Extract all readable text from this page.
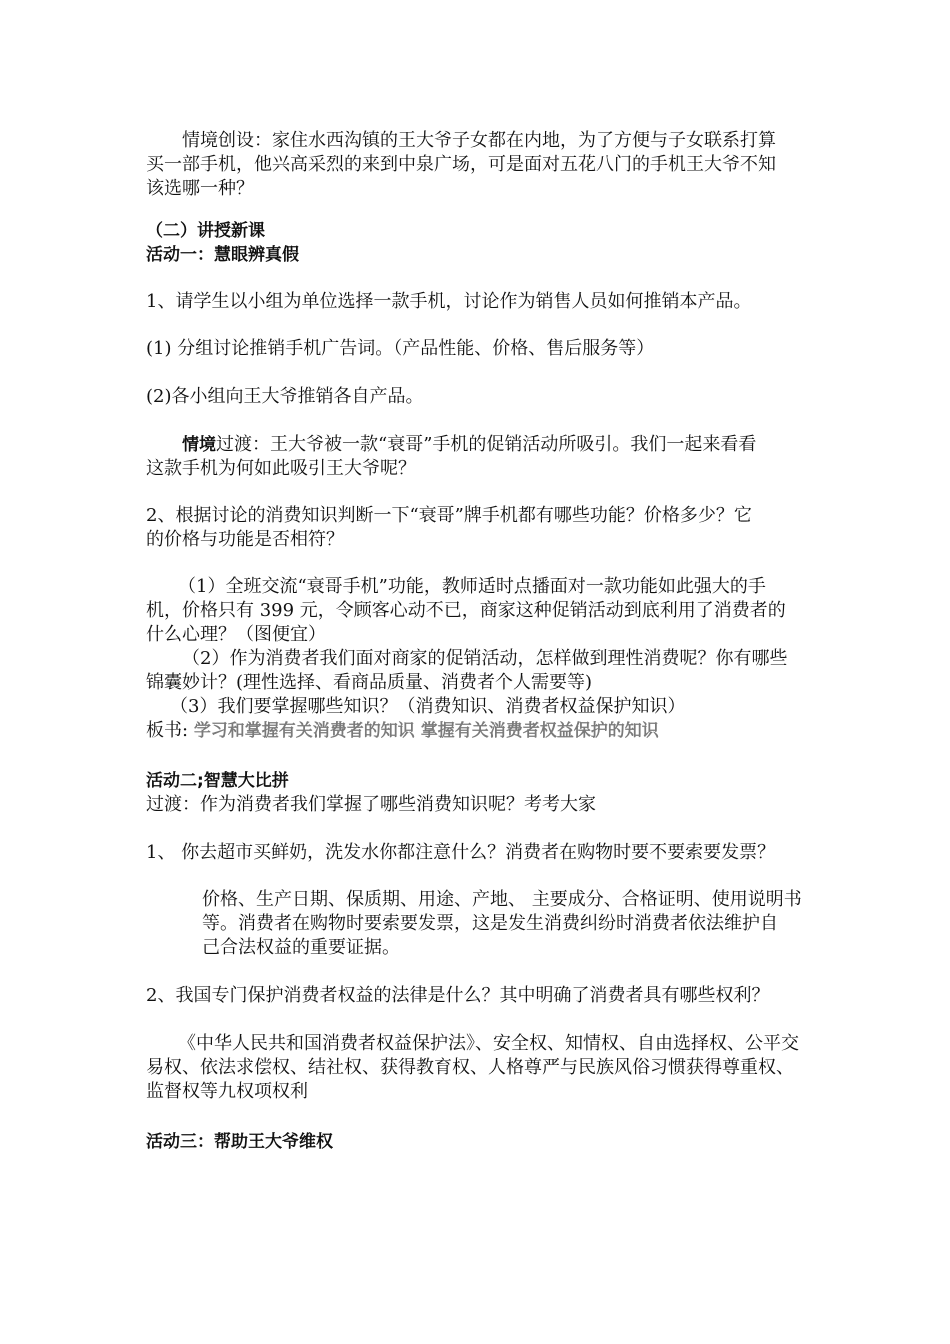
情境创设：家住水西沟镇的王大爷子女都在内地，为了方便与子女联系打算
买一部手机，他兴高采烈的来到中泉广场，可是面对五花八门的手机王大爷不知
该选哪一种？
（二）讲授新课
活动一：慧眼辨真假
1、请学生以小组为单位选择一款手机，讨论作为销售人员如何推销本产品。
(1) 分组讨论推销手机广告词。（产品性能、价格、售后服务等）
(2)各小组向王大爷推销各自产品。
情境过渡：王大爷被一款“衰哥”手机的促销活动所吸引。我们一起来看看
这款手机为何如此吸引王大爷呢？
2、根据讨论的消费知识判断一下“衰哥”牌手机都有哪些功能？价格多少？它
的价格与功能是否相符？
（1）全班交流“衰哥手机”功能，教师适时点播面对一款功能如此强大的手
机，价格只有 399 元，令顾客心动不已，商家这种促销活动到底利用了消费者的
什么心理？（图便宜）
（2）作为消费者我们面对商家的促销活动，怎样做到理性消费呢？你有哪些
锦囊妙计？(理性选择、看商品质量、消费者个人需要等)
（3）我们要掌握哪些知识？（消费知识、消费者权益保护知识）
板书: 学习和掌握有关消费者的知识 掌握有关消费者权益保护的知识
活动二;智慧大比拼
过渡：作为消费者我们掌握了哪些消费知识呢？考考大家
1、 你去超市买鲜奶，洗发水你都注意什么？消费者在购物时要不要索要发票？
价格、生产日期、保质期、用途、产地、 主要成分、合格证明、使用说明书
等。消费者在购物时要索要发票，这是发生消费纠纷时消费者依法维护自
己合法权益的重要证据。
2、我国专门保护消费者权益的法律是什么？其中明确了消费者具有哪些权利？
《中华人民共和国消费者权益保护法》、安全权、知情权、自由选择权、公平交
易权、依法求偿权、结社权、获得教育权、人格尊严与民族风俗习惯获得尊重权、
监督权等九权项权利
活动三：帮助王大爷维权
